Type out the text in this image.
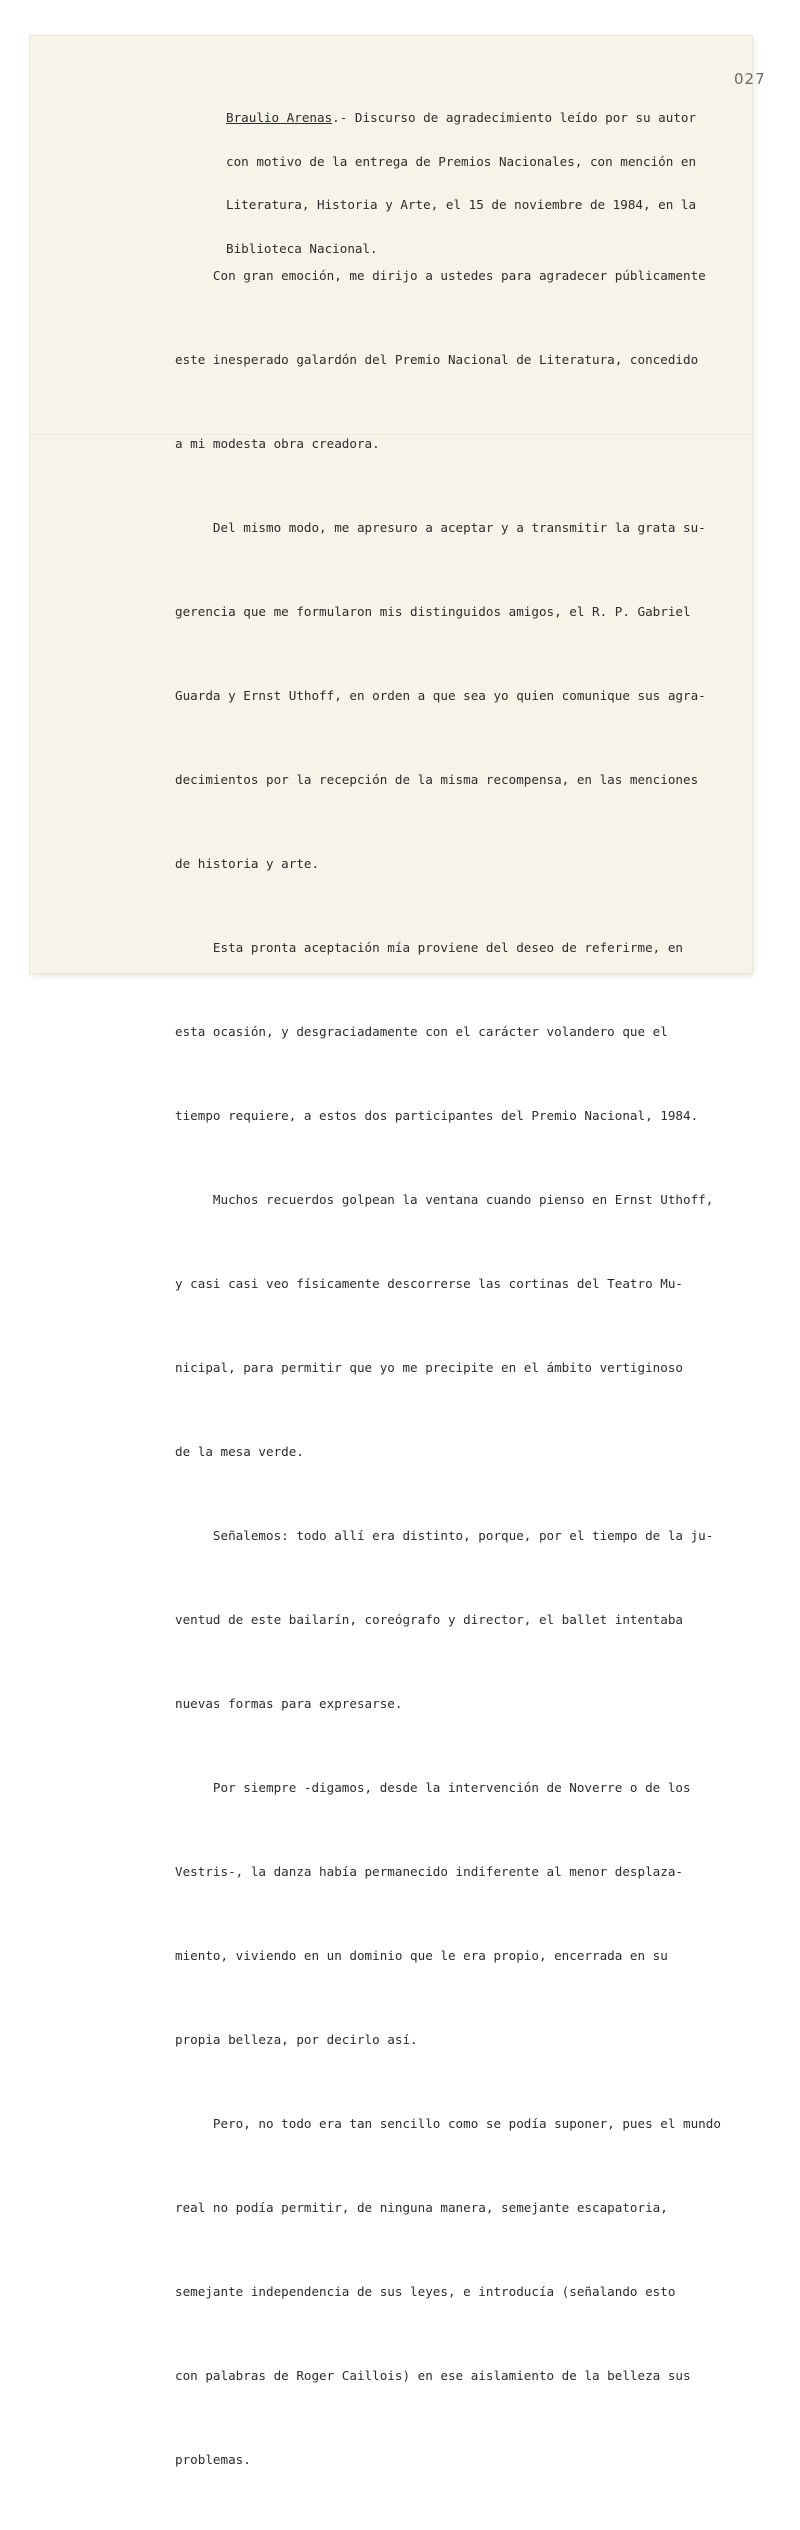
027

Braulio Arenas.- Discurso de agradecimiento leído por su autor

con motivo de la entrega de Premios Nacionales, con mención en

Literatura, Historia y Arte, el 15 de noviembre de 1984, en la

Biblioteca Nacional.

Con gran emoción, me dirijo a ustedes para agradecer públicamente

este inesperado galardón del Premio Nacional de Literatura, concedido

a mi modesta obra creadora.

Del mismo modo, me apresuro a aceptar y a transmitir la grata su-

gerencia que me formularon mis distinguidos amigos, el R. P. Gabriel

Guarda y Ernst Uthoff, en orden a que sea yo quien comunique sus agra-

decimientos por la recepción de la misma recompensa, en las menciones

de historia y arte.

Esta pronta aceptación mía proviene del deseo de referirme, en

esta ocasión, y desgraciadamente con el carácter volandero que el

tiempo requiere, a estos dos participantes del Premio Nacional, 1984.

Muchos recuerdos golpean la ventana cuando pienso en Ernst Uthoff,

y casi casi veo físicamente descorrerse las cortinas del Teatro Mu-

nicipal, para permitir que yo me precipite en el ámbito vertiginoso

de la mesa verde.

Señalemos: todo allí era distinto, porque, por el tiempo de la ju-

ventud de este bailarín, coreógrafo y director, el ballet intentaba

nuevas formas para expresarse.

Por siempre -digamos, desde la intervención de Noverre o de los

Vestris-, la danza había permanecido indiferente al menor desplaza-

miento, viviendo en un dominio que le era propio, encerrada en su

propia belleza, por decirlo así.

Pero, no todo era tan sencillo como se podía suponer, pues el mundo

real no podía permitir, de ninguna manera, semejante escapatoria,

semejante independencia de sus leyes, e introducía (señalando esto

con palabras de Roger Caillois) en ese aislamiento de la belleza sus

problemas.
